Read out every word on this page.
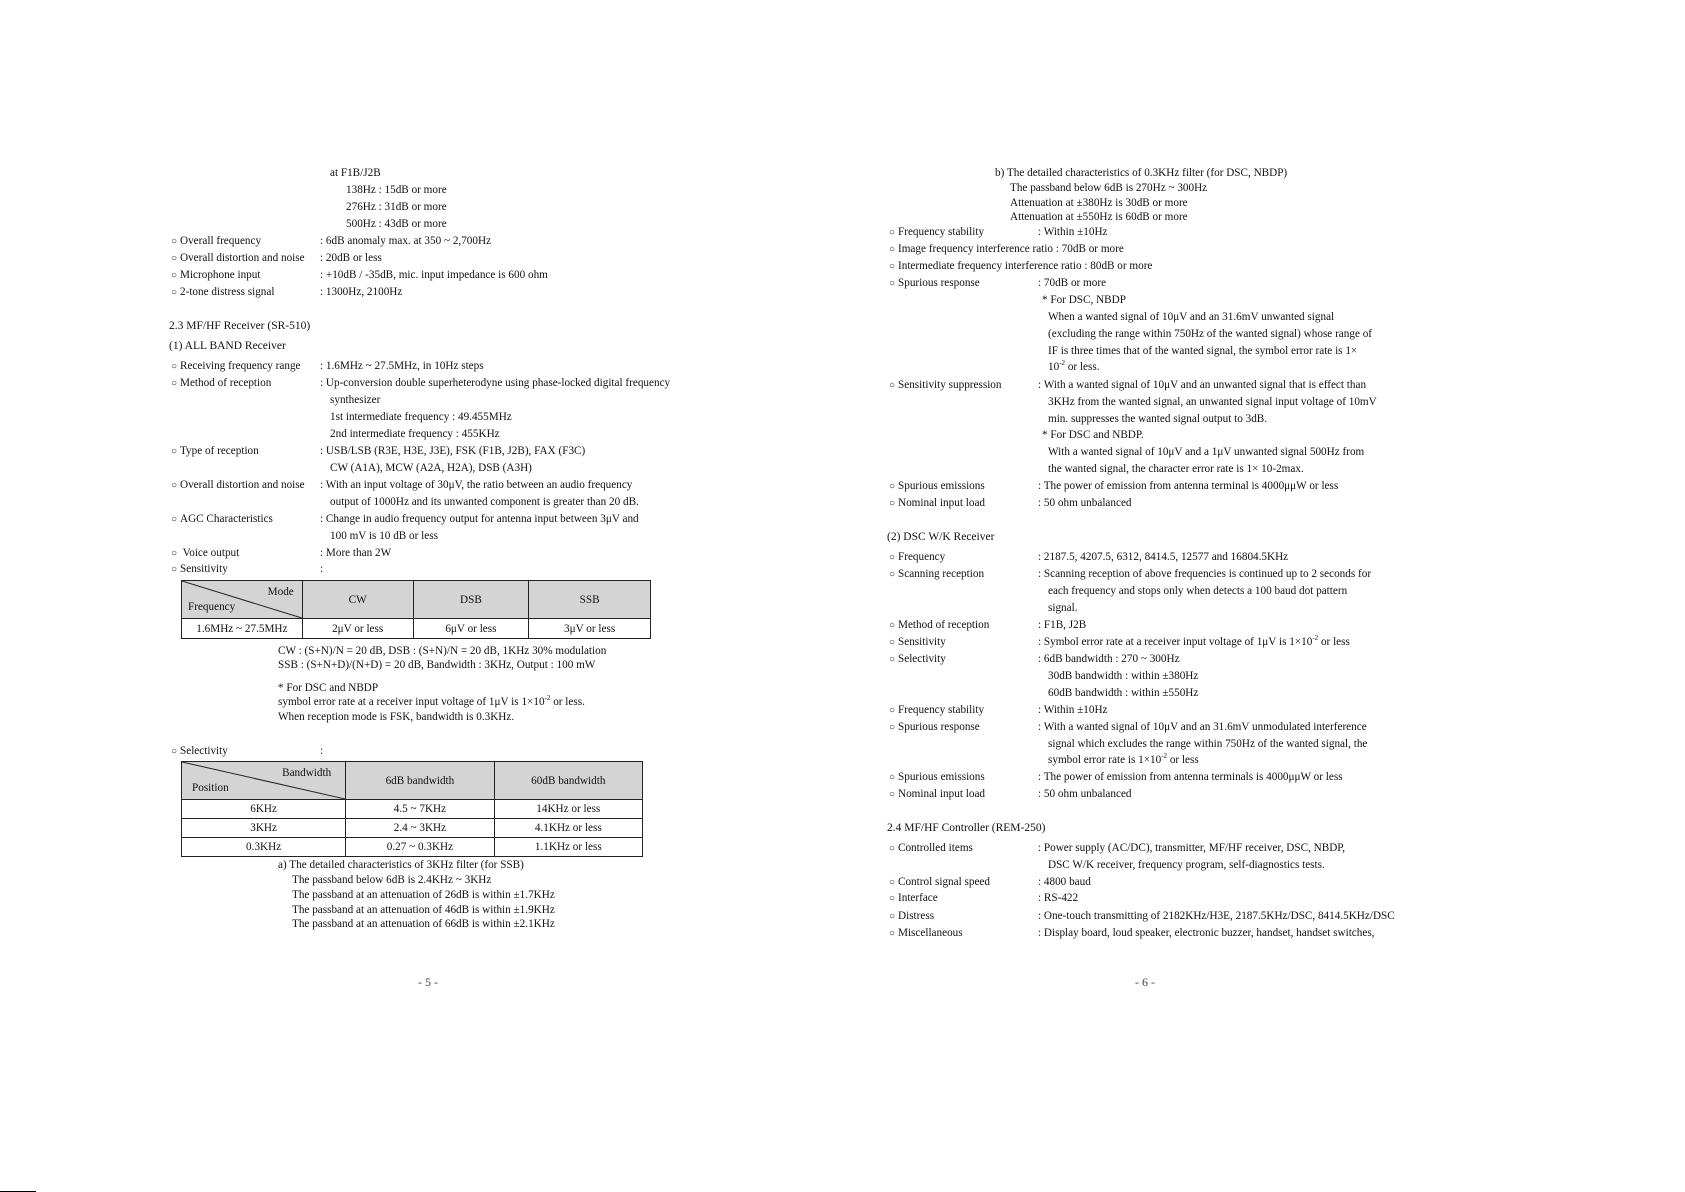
at F1B/J2B
138Hz : 15dB or more
276Hz : 31dB or more
500Hz : 43dB or more
○ Overall frequency	: 6dB anomaly max. at 350 ~ 2,700Hz
○ Overall distortion and noise : 20dB or less
○ Microphone input	: +10dB / -35dB, mic. input impedance is 600 ohm
○ 2-tone distress signal	: 1300Hz, 2100Hz
2.3 MF/HF Receiver (SR-510)
(1) ALL BAND Receiver
○ Receiving frequency range : 1.6MHz ~ 27.5MHz, in 10Hz steps
○ Method of reception	: Up-conversion double superheterodyne using phase-locked digital frequency
synthesizer
1st intermediate frequency : 49.455MHz
2nd intermediate frequency : 455KHz
○ Type of reception	: USB/LSB (R3E, H3E, J3E), FSK (F1B, J2B), FAX (F3C)
CW (A1A), MCW (A2A, H2A), DSB (A3H)
○ Overall distortion and noise : With an input voltage of 30μV, the ratio between an audio frequency
output of 1000Hz and its unwanted component is greater than 20 dB.
○ AGC Characteristics	: Change in audio frequency output for antenna input between 3μV and
100 mV is 10 dB or less
○ Voice output	: More than 2W
○ Sensitivity	:
Mode
Frequency	CW	DSB	SSB
1.6MHz ~ 27.5MHz	2μV or less	6μV or less	3μV or less
CW : (S+N)/N = 20 dB, DSB : (S+N)/N = 20 dB, 1KHz 30% modulation
SSB : (S+N+D)/(N+D) = 20 dB, Bandwidth : 3KHz, Output : 100 mW
* For DSC and NBDP
symbol error rate at a receiver input voltage of 1μV is $1\times 10^{-2}$ or less.
When reception mode is FSK, bandwidth is 0.3KHz.
○ Selectivity	:
Bandwidth
Position	6dB bandwidth	60dB bandwidth
6KHz	4.5 ~ 7KHz	14KHz or less
3KHz	2.4 ~ 3KHz	4.1KHz or less
0.3KHz	0.27 ~ 0.3KHz	1.1KHz or less
a) The detailed characteristics of 3KHz filter (for SSB)
The passband below 6dB is 2.4KHz ~ 3KHz
The passband at an attenuation of 26dB is within ±1.7KHz
The passband at an attenuation of 46dB is within ±1.9KHz
The passband at an attenuation of 66dB is within ±2.1KHz
- 5 -
b) The detailed characteristics of 0.3KHz filter (for DSC, NBDP)
The passband below 6dB is 270Hz ~ 300Hz
Attenuation at ±380Hz is 30dB or more
Attenuation at ±550Hz is 60dB or more
○ Frequency stability	: Within ±10Hz
○ Image frequency interference ratio : 70dB or more
○ Intermediate frequency interference ratio : 80dB or more
○ Spurious response	: 70dB or more
* For DSC, NBDP
When a wanted signal of 10μV and an 31.6mV unwanted signal
(excluding the range within 750Hz of the wanted signal) whose range of
IF is three times that of the wanted signal, the symbol error rate is 1×
$10^{-2}$ or less.
○ Sensitivity suppression	: With a wanted signal of 10μV and an unwanted signal that is effect than
3KHz from the wanted signal, an unwanted signal input voltage of 10mV
min. suppresses the wanted signal output to 3dB.
* For DSC and NBDP.
With a wanted signal of 10μV and a 1μV unwanted signal 500Hz from
the wanted signal, the character error rate is 1× 10-2max.
○ Spurious emissions	: The power of emission from antenna terminal is 4000μμW or less
○ Nominal input load	: 50 ohm unbalanced
(2) DSC W/K Receiver
○ Frequency	: 2187.5, 4207.5, 6312, 8414.5, 12577 and 16804.5KHz
○ Scanning reception	: Scanning reception of above frequencies is continued up to 2 seconds for
each frequency and stops only when detects a 100 baud dot pattern
signal.
○ Method of reception	: F1B, J2B
○ Sensitivity	: Symbol error rate at a receiver input voltage of 1μV is $1\times 10^{-2}$ or less
○ Selectivity	: 6dB bandwidth : 270 ~ 300Hz
30dB bandwidth : within ±380Hz
60dB bandwidth : within ±550Hz
○ Frequency stability	: Within ±10Hz
○ Spurious response	: With a wanted signal of 10μV and an 31.6mV unmodulated interference
signal which excludes the range within 750Hz of the wanted signal, the
symbol error rate is $1\times 10^{-2}$ or less
○ Spurious emissions	: The power of emission from antenna terminals is 4000μμW or less
○ Nominal input load	: 50 ohm unbalanced
2.4 MF/HF Controller (REM-250)
○ Controlled items	: Power supply (AC/DC), transmitter, MF/HF receiver, DSC, NBDP,
DSC W/K receiver, frequency program, self-diagnostics tests.
○ Control signal speed	: 4800 baud
○ Interface	: RS-422
○ Distress	: One-touch transmitting of 2182KHz/H3E, 2187.5KHz/DSC, 8414.5KHz/DSC
○ Miscellaneous	: Display board, loud speaker, electronic buzzer, handset, handset switches,
- 6 -
